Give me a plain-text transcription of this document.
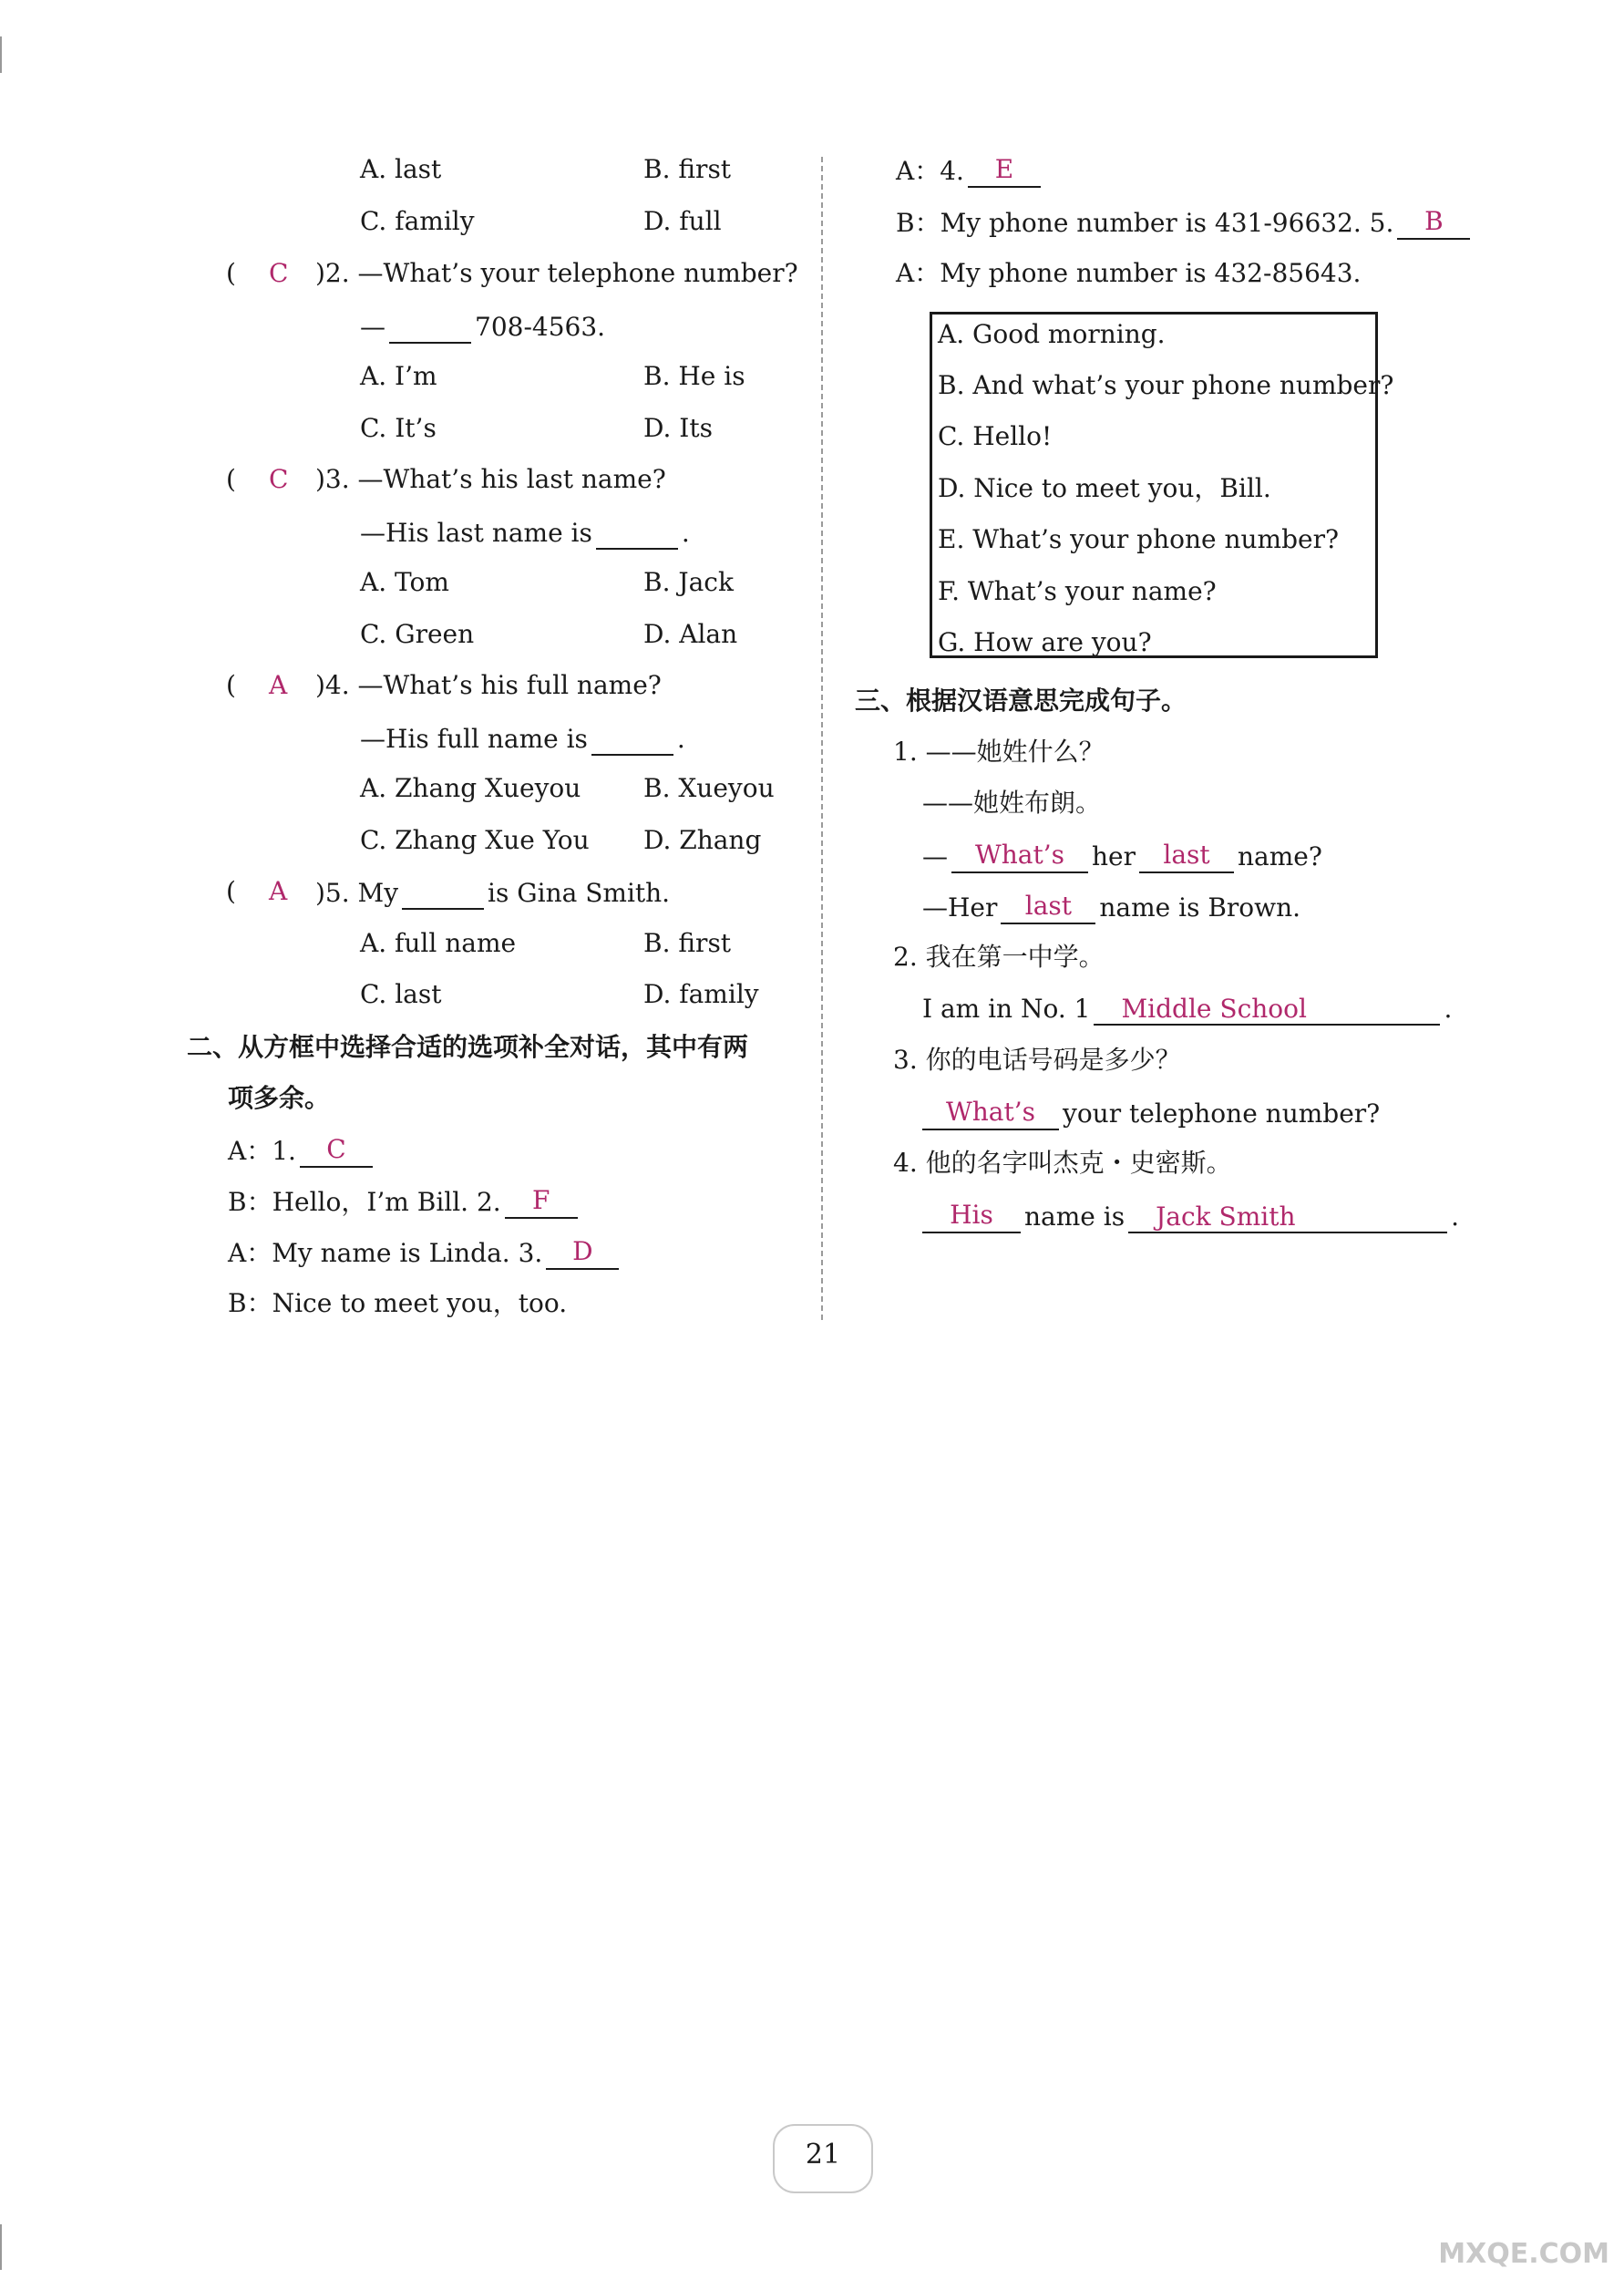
A. last	B. first
C. family	D. full
( C )2. —What’s your telephone number?
—	708-4563.
A. I’m	B. He is
C. It’s	D. Its
( C )3. —What’s his last name?
—His last name is	.
A. Tom	B. Jack
C. Green	D. Alan
( A )4. —What’s his full name?
—His full name is	.
A. Zhang Xueyou B. Xueyou
C. Zhang Xue You D. Zhang
( A )5. My	is Gina Smith.
A. full name	B. first
C. last	D. family
二、从方框中选择合适的选项补全对话，其中有两
项多余。
A：1. C
B：Hello，I’m Bill. 2. F
A：My name is Linda. 3. D
B：Nice to meet you，too.
A：4. E
B：My phone number is 431-96632. 5. B
A：My phone number is 432-85643.
A. Good morning.
B. And what’s your phone number?
C. Hello!
D. Nice to meet you，Bill.
E. What’s your phone number?
F. What’s your name?
G. How are you?
三、根据汉语意思完成句子。
1. ——她姓什么？
——她姓布朗。
— What’s her last name?
—Her last name is Brown.
2. 我在第一中学。
I am in No. 1 Middle School	.
3. 你的电话号码是多少？
What’s your telephone number?
4. 他的名字叫杰克・史密斯。
His name is Jack Smith	.
21
MXQE.COM
